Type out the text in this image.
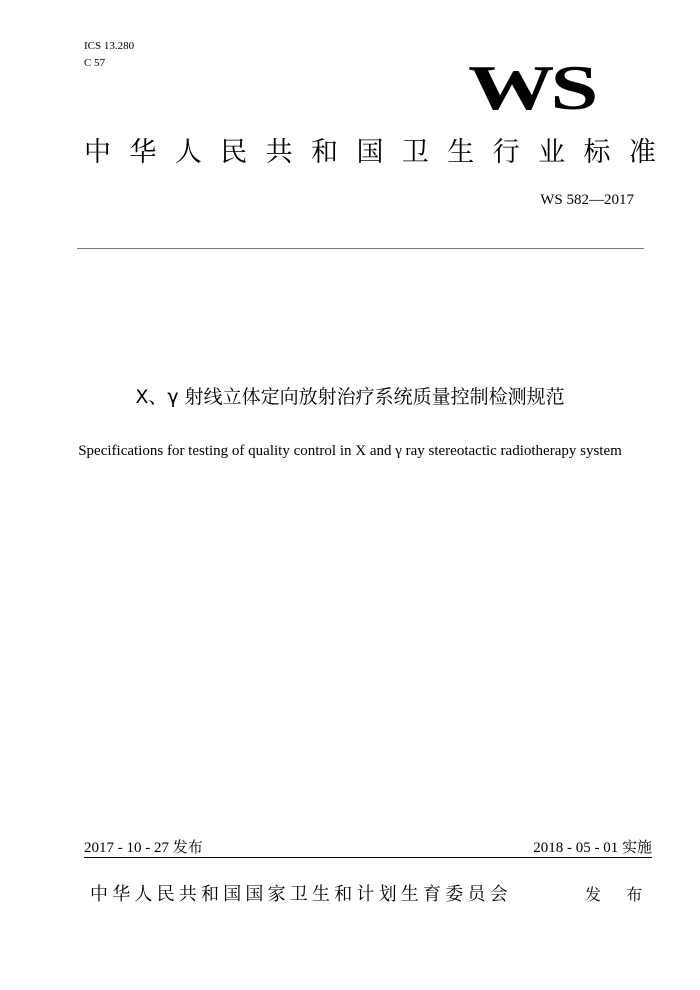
ICS 13.280
C 57	WS
中 华 人 民 共 和 国 卫 生 行 业 标 准
WS 582—2017
X、γ 射线立体定向放射治疗系统质量控制检测规范
Specifications for testing of quality control in X and γ ray stereotactic radiotherapy system
2017 - 10 - 27 发布	2018 - 05 - 01 实施
中华人民共和国国家卫生和计划生育委员会	发 布
